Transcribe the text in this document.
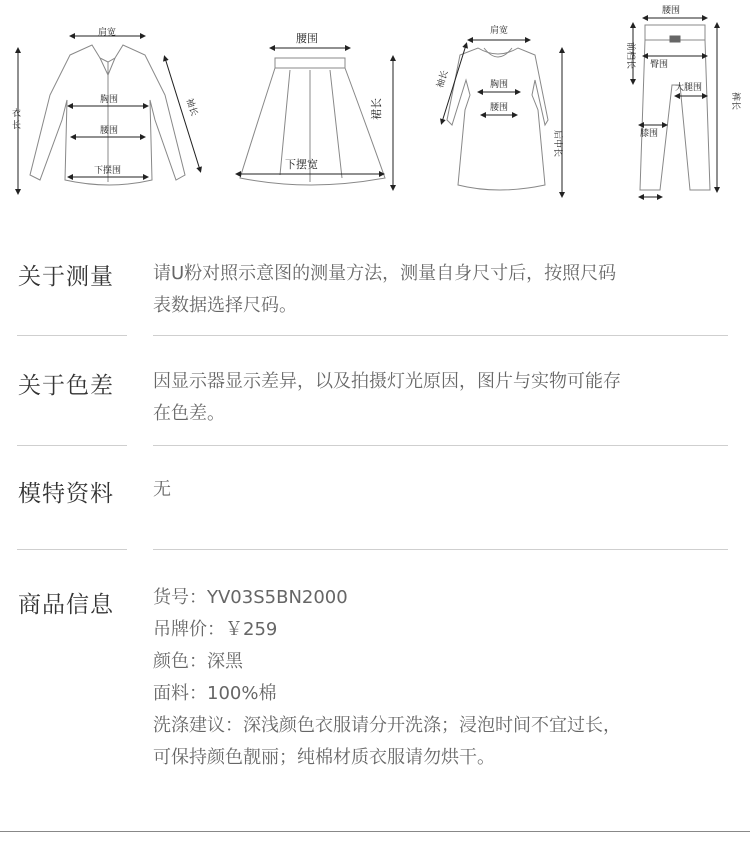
肩宽
胸围
腰围
下摆围
衣
长
袖长
腰围
下摆宽
裙长
肩宽
袖长	胸围
腰围
后中长
腰围
前档长 臀围
大腿围
膝围
裤长
关于测量 请U粉对照示意图的测量方法，测量自身尺寸后，按照尺码
表数据选择尺码。
关于色差 因显示器显示差异，以及拍摄灯光原因，图片与实物可能存
在色差。
模特资料 无
商品信息 货号：YV03S5BN2000
吊牌价：￥259
颜色：深黑
面料：100%棉
洗涤建议：深浅颜色衣服请分开洗涤；浸泡时间不宜过长，
可保持颜色靓丽；纯棉材质衣服请勿烘干。
